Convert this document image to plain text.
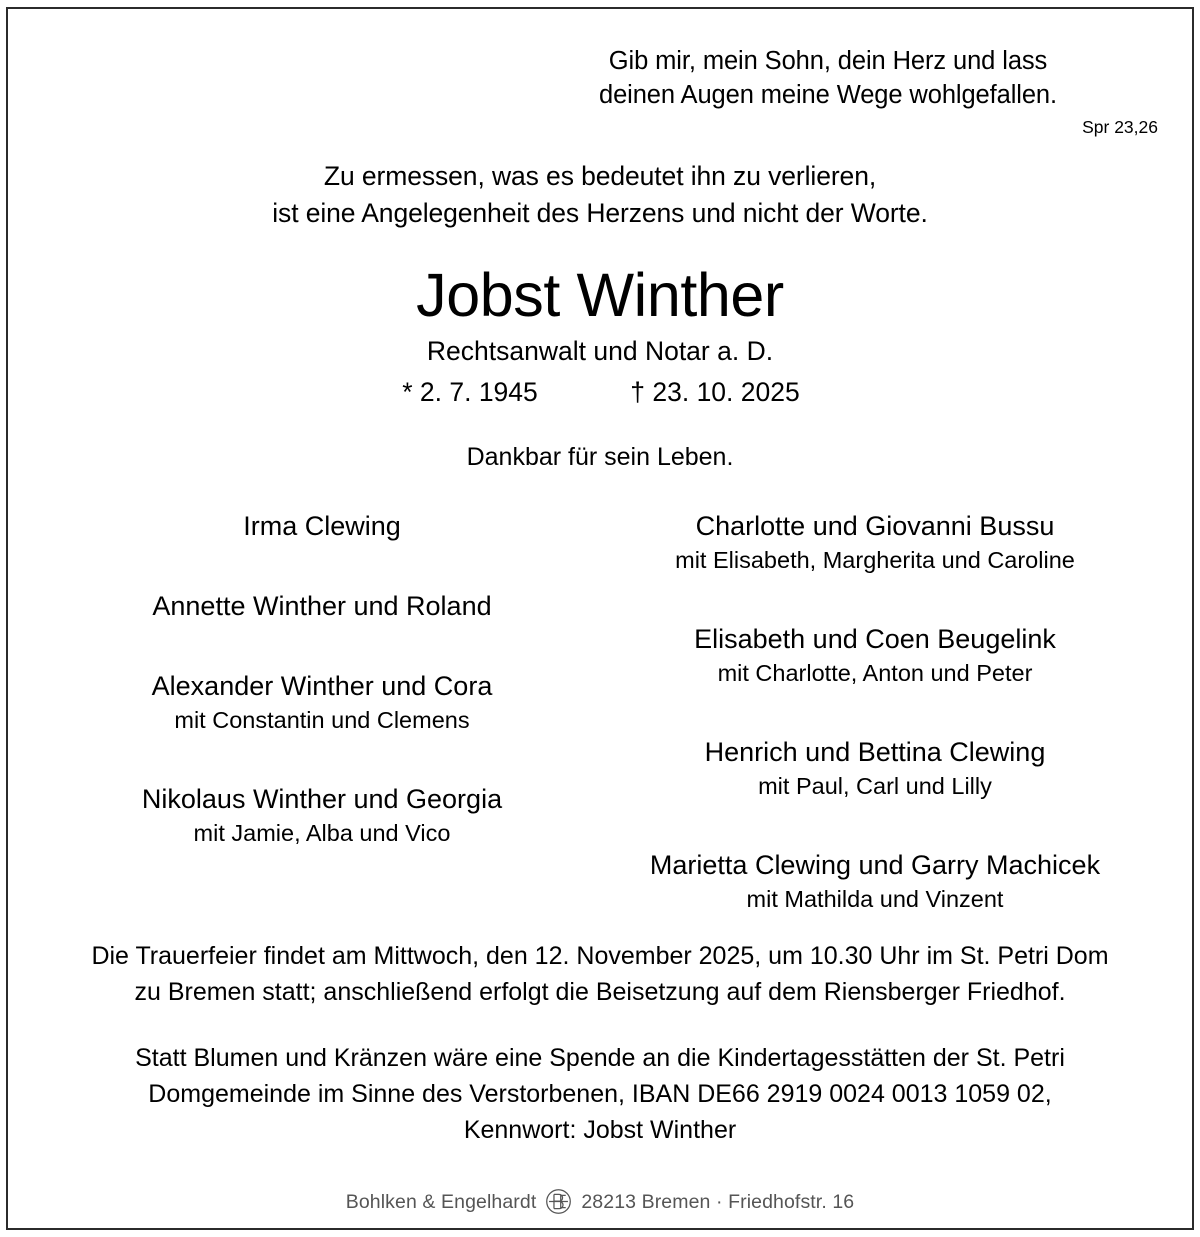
Gib mir, mein Sohn, dein Herz und lass
deinen Augen meine Wege wohlgefallen.
Spr 23,26
Zu ermessen, was es bedeutet ihn zu verlieren,
ist eine Angelegenheit des Herzens und nicht der Worte.
Jobst Winther
Rechtsanwalt und Notar a. D.
* 2. 7. 1945	† 23. 10. 2025
Dankbar für sein Leben.
Irma Clewing
Annette Winther und Roland
Alexander Winther und Cora
mit Constantin und Clemens
Nikolaus Winther und Georgia
mit Jamie, Alba und Vico
Charlotte und Giovanni Bussu
mit Elisabeth, Margherita und Caroline
Elisabeth und Coen Beugelink
mit Charlotte, Anton und Peter
Henrich und Bettina Clewing
mit Paul, Carl und Lilly
Marietta Clewing und Garry Machicek
mit Mathilda und Vinzent
Die Trauerfeier findet am Mittwoch, den 12. November 2025, um 10.30 Uhr im St. Petri Dom
zu Bremen statt; anschließend erfolgt die Beisetzung auf dem Riensberger Friedhof.
Statt Blumen und Kränzen wäre eine Spende an die Kindertagesstätten der St. Petri
Domgemeinde im Sinne des Verstorbenen, IBAN DE66 2919 0024 0013 1059 02,
Kennwort: Jobst Winther
Bohlken & Engelhardt 28213 Bremen · Friedhofstr. 16
